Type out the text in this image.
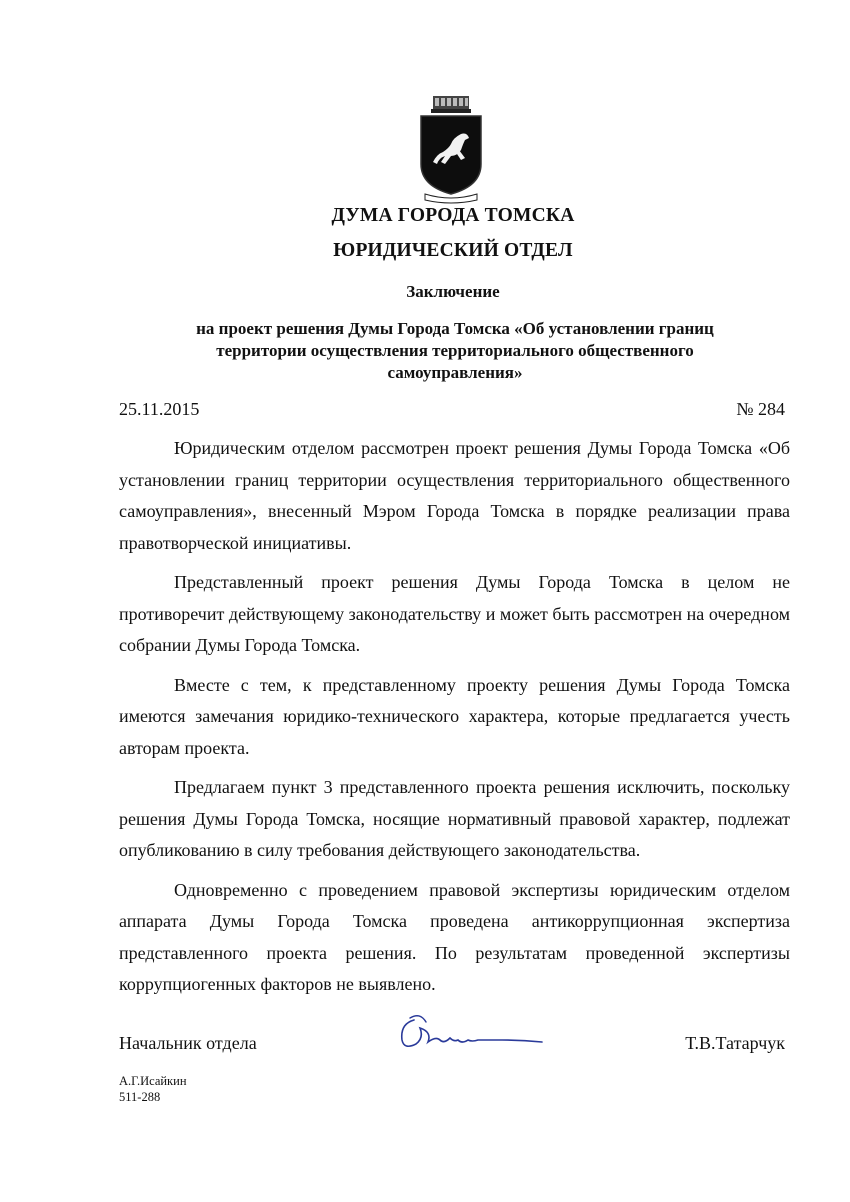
ДУМА ГОРОДА ТОМСКА
ЮРИДИЧЕСКИЙ ОТДЕЛ
Заключение
на проект решения Думы Города Томска «Об установлении границ
территории осуществления территориального общественного
самоуправления»
25.11.2015	№ 284

Юридическим отделом рассмотрен проект решения Думы Города Томска «Об установлении границ территории осуществления территориального общественного самоуправления», внесенный Мэром Города Томска в порядке реализации права правотворческой инициативы.

Представленный проект решения Думы Города Томска в целом не противоречит действующему законодательству и может быть рассмотрен на очередном собрании Думы Города Томска.

Вместе с тем, к представленному проекту решения Думы Города Томска имеются замечания юридико-технического характера, которые предлагается учесть авторам проекта.

Предлагаем пункт 3 представленного проекта решения исключить, поскольку решения Думы Города Томска, носящие нормативный правовой характер, подлежат опубликованию в силу требования действующего законодательства.

Одновременно с проведением правовой экспертизы юридическим отделом аппарата Думы Города Томска проведена антикоррупционная экспертиза представленного проекта решения. По результатам проведенной экспертизы коррупциогенных факторов не выявлено.

Начальник отдела	Т.В.Татарчук
А.Г.Исайкин
511-288
